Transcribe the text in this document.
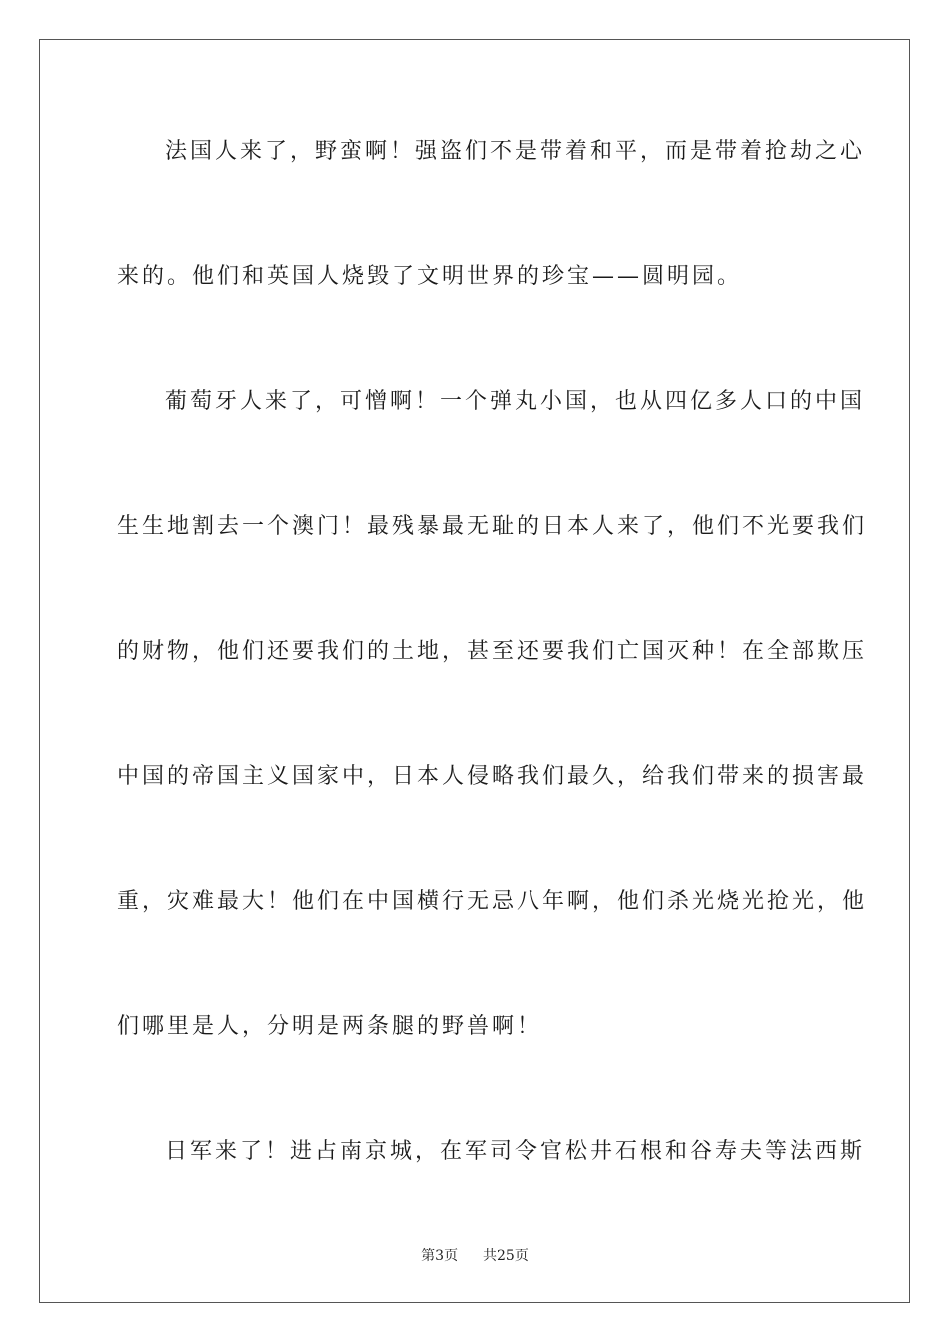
法国人来了，野蛮啊！强盗们不是带着和平，而是带着抢劫之心
来的。他们和英国人烧毁了文明世界的珍宝——圆明园。
葡萄牙人来了，可憎啊！一个弹丸小国，也从四亿多人口的中国
生生地割去一个澳门！最残暴最无耻的日本人来了，他们不光要我们
的财物，他们还要我们的土地，甚至还要我们亡国灭种！在全部欺压
中国的帝国主义国家中，日本人侵略我们最久，给我们带来的损害最
重，灾难最大！他们在中国横行无忌八年啊，他们杀光烧光抢光，他
们哪里是人，分明是两条腿的野兽啊！
日军来了！进占南京城，在军司令官松井石根和谷寿夫等法西斯
第3页 共25页
